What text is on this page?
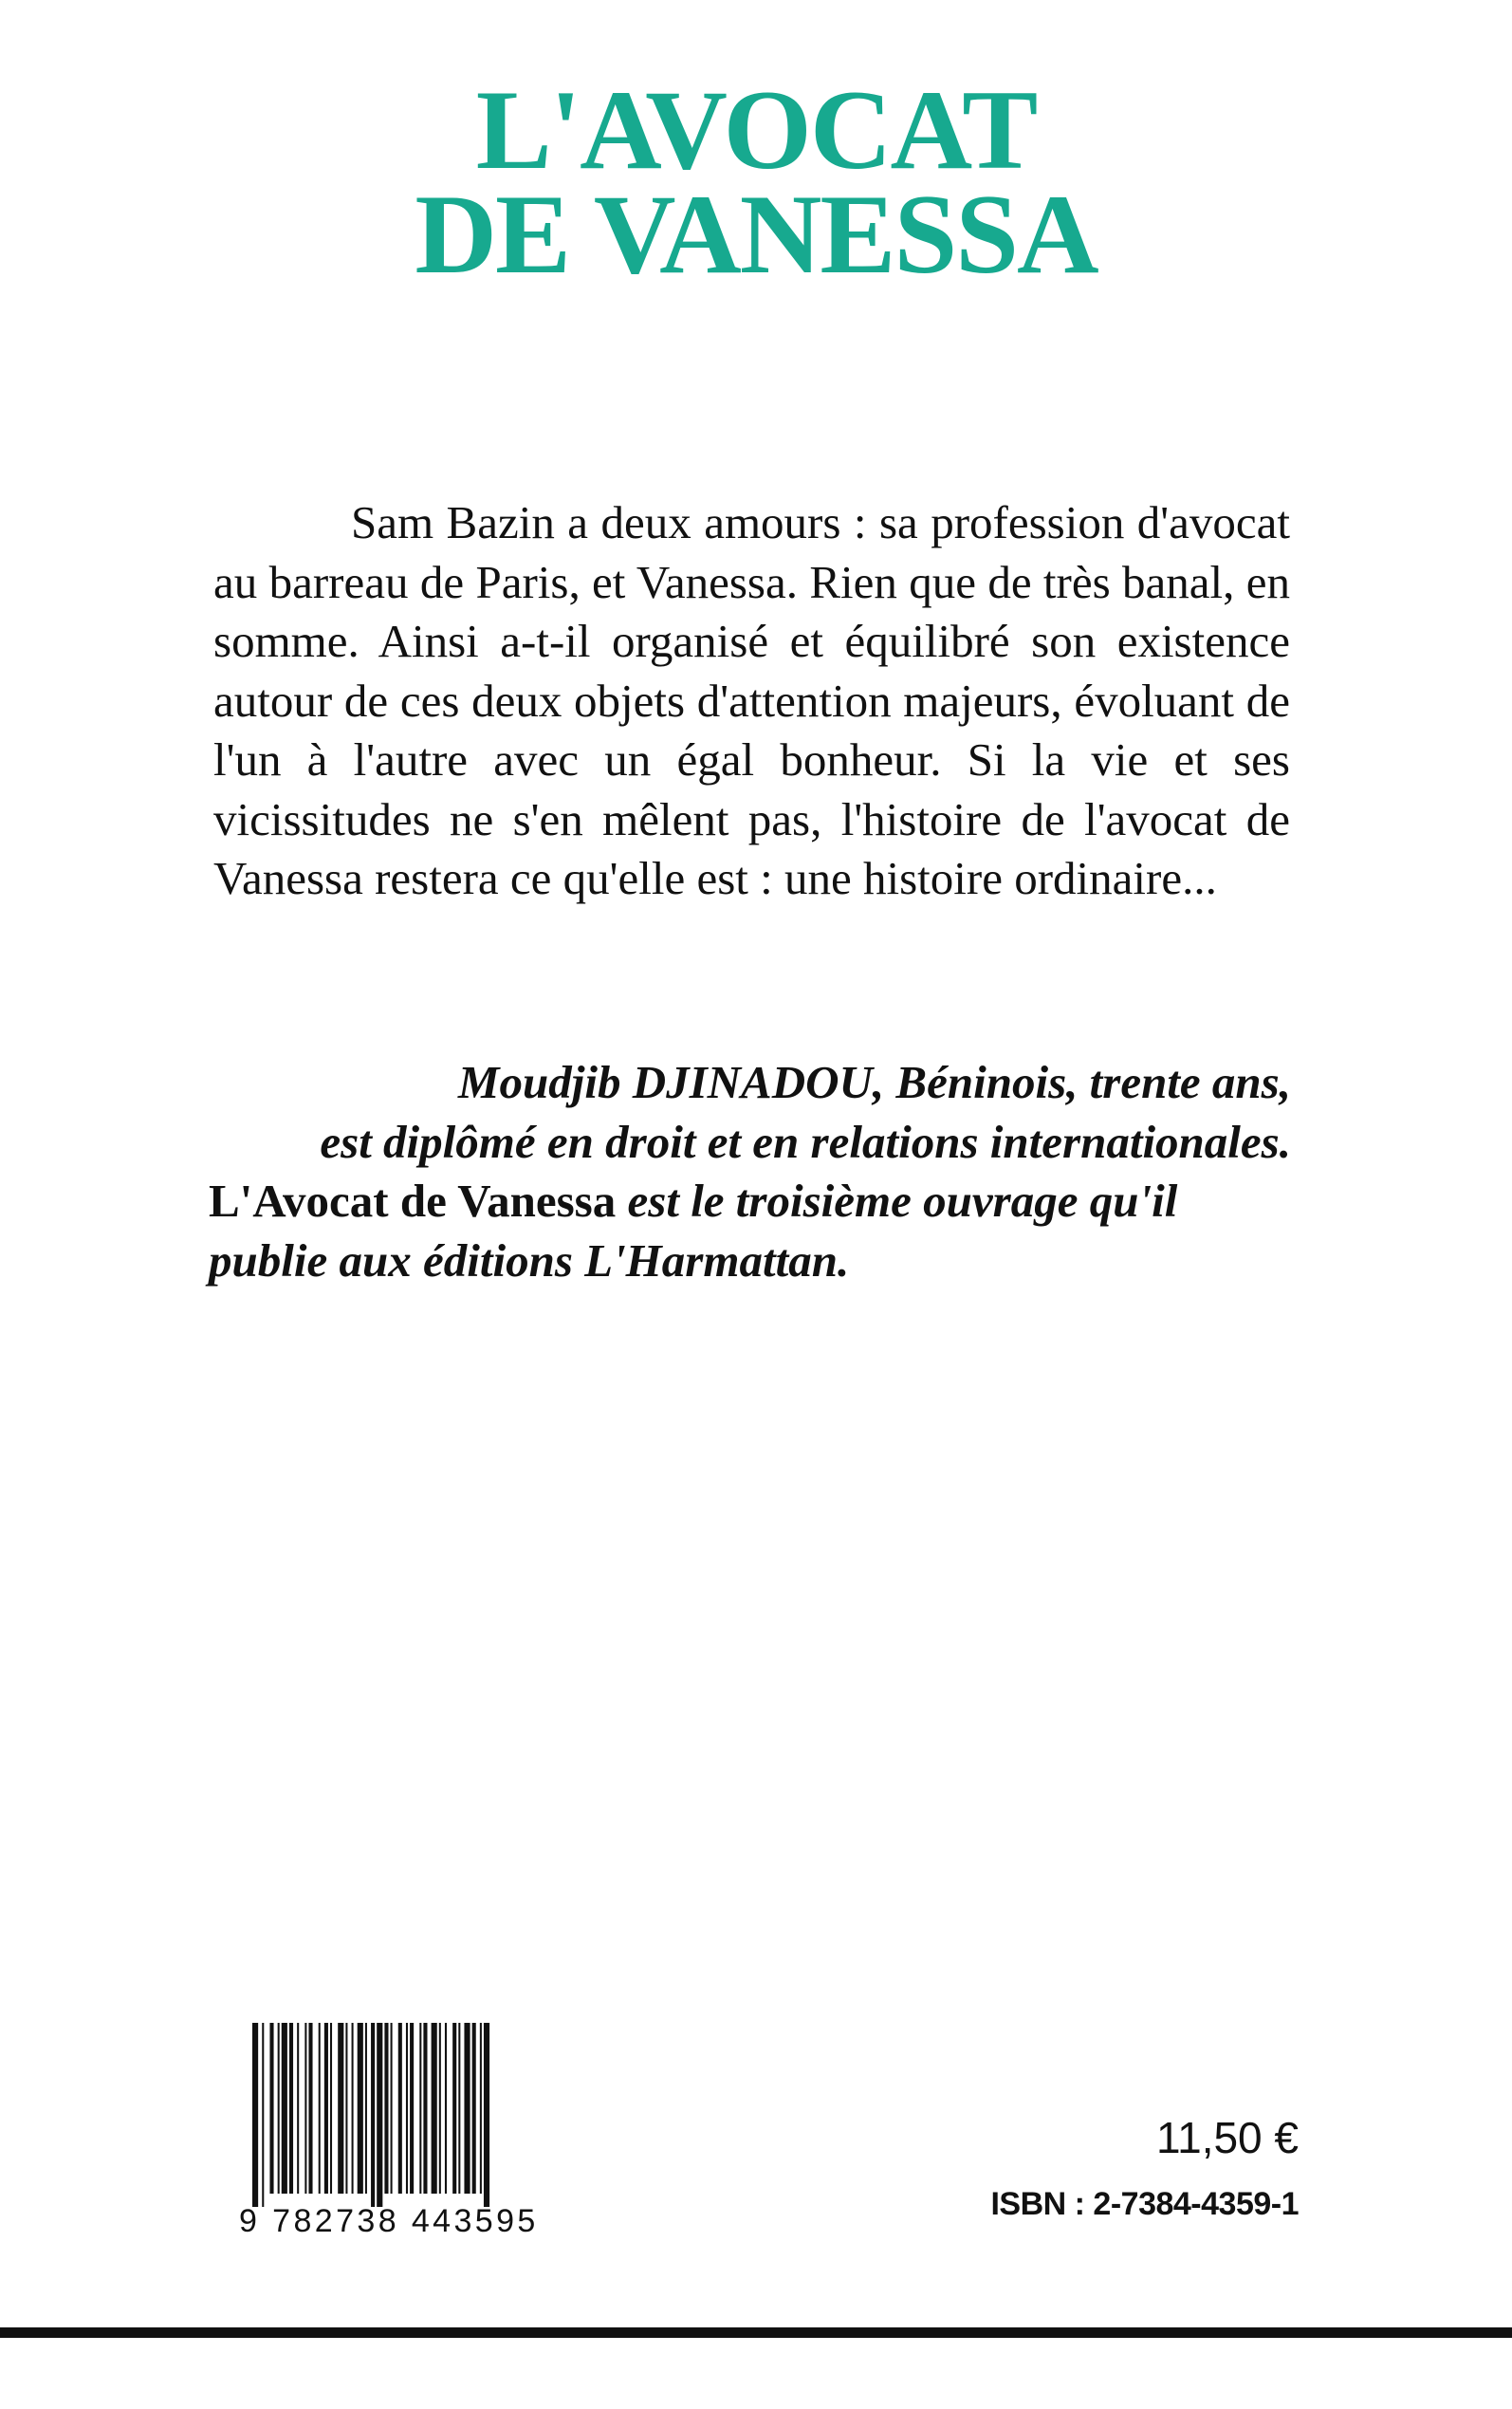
L'AVOCAT
DE VANESSA

Sam Bazin a deux amours : sa profession d'avocat au barreau de Paris, et Vanessa. Rien que de très banal, en somme. Ainsi a-t-il organisé et équilibré son existence autour de ces deux objets d'attention majeurs, évoluant de l'un à l'autre avec un égal bonheur. Si la vie et ses vicissitudes ne s'en mêlent pas, l'histoire de l'avocat de Vanessa restera ce qu'elle est : une histoire ordinaire...

Moudjib DJINADOU, Béninois, trente ans,
est diplômé en droit et en relations internationales.
L'Avocat de Vanessa est le troisième ouvrage qu'il
publie aux éditions L'Harmattan.
9 782738 443595
11,50 €
ISBN : 2-7384-4359-1
